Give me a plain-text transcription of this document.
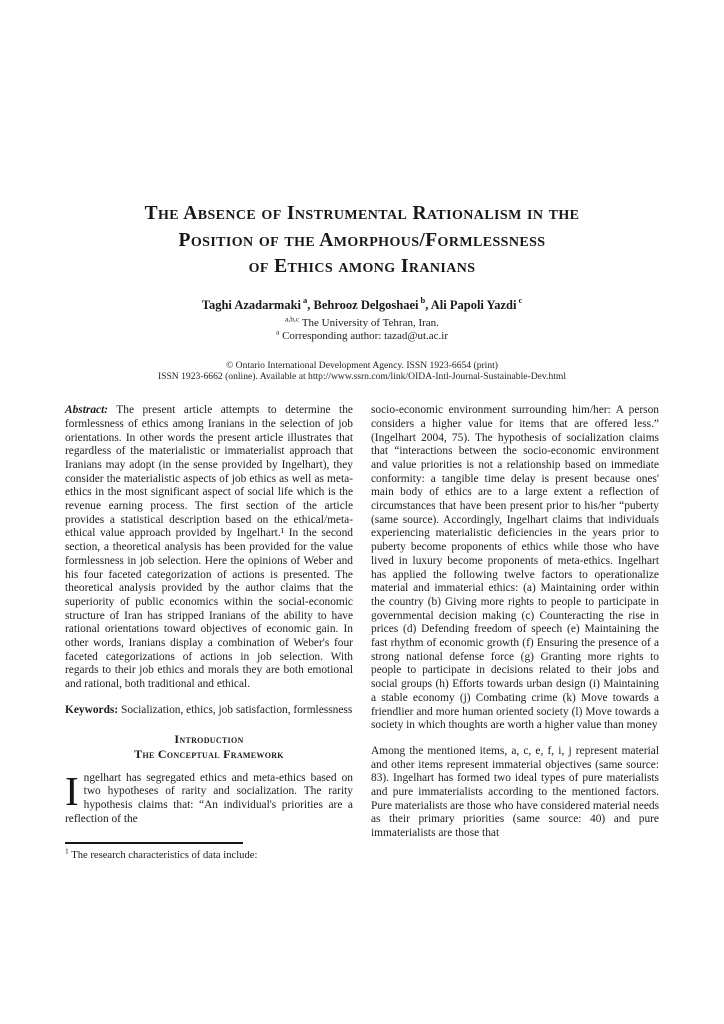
The Absence of Instrumental Rationalism in the
Position of the Amorphous/Formlessness
of Ethics among Iranians
Taghi Azadarmaki $^a$, Behrooz Delgoshaei $^b$, Ali Papoli Yazdi $^c$
$^{a,b,c}$ The University of Tehran, Iran.
$^a$ Corresponding author: tazad@ut.ac.ir
© Ontario International Development Agency. ISSN 1923-6654 (print)
ISSN 1923-6662 (online). Available at http://www.ssrn.com/link/OIDA-Intl-Journal-Sustainable-Dev.html

Abstract: The present article attempts to determine the formlessness of ethics among Iranians in the selection of job orientations. In other words the present article illustrates that regardless of the materialistic or immaterialist approach that Iranians may adopt (in the sense provided by Ingelhart), they consider the materialistic aspects of job ethics as well as meta-ethics in the most significant aspect of social life which is the revenue earning process. The first section of the article provides a statistical description based on the ethical/meta-ethical value approach provided by Ingelhart.¹ In the second section, a theoretical analysis has been provided for the value formlessness in job selection. Here the opinions of Weber and his four faceted categorization of actions is presented. The theoretical analysis provided by the author claims that the superiority of public economics within the social-economic structure of Iran has stripped Iranians of the ability to have rational orientations toward objectives of economic gain. In other words, Iranians display a combination of Weber's four faceted categorizations of actions in job selection. With regards to their job ethics and morals they are both emotional and rational, both traditional and ethical.

Keywords: Socialization, ethics, job satisfaction, formlessness

Introduction
The Conceptual Framework

Ingelhart has segregated ethics and meta-ethics based on two hypotheses of rarity and socialization. The rarity hypothesis claims that: “An individual's priorities are a reflection of the

$^1$ The research characteristics of data include:

socio-economic environment surrounding him/her: A person considers a higher value for items that are offered less.” (Ingelhart 2004, 75). The hypothesis of socialization claims that “interactions between the socio-economic environment and value priorities is not a relationship based on immediate conformity: a tangible time delay is present because ones' main body of ethics are to a large extent a reflection of circumstances that have been present prior to his/her “puberty (same source). Accordingly, Ingelhart claims that individuals experiencing materialistic deficiencies in the years prior to puberty become proponents of ethics while those who have lived in luxury become proponents of meta-ethics. Ingelhart has applied the following twelve factors to operationalize material and immaterial ethics: (a) Maintaining order within the country (b) Giving more rights to people to participate in governmental decision making (c) Counteracting the rise in prices (d) Defending freedom of speech (e) Maintaining the fast rhythm of economic growth (f) Ensuring the presence of a strong national defense force (g) Granting more rights to people to participate in decisions related to their jobs and social groups (h) Efforts towards urban design (i) Maintaining a stable economy (j) Combating crime (k) Move towards a friendlier and more human oriented society (l) Move towards a society in which thoughts are worth a higher value than money

Among the mentioned items, a, c, e, f, i, j represent material and other items represent immaterial objectives (same source: 83). Ingelhart has formed two ideal types of pure materialists and pure immaterialists according to the mentioned factors. Pure materialists are those who have considered material needs as their primary priorities (same source: 40) and pure immaterialists are those that
